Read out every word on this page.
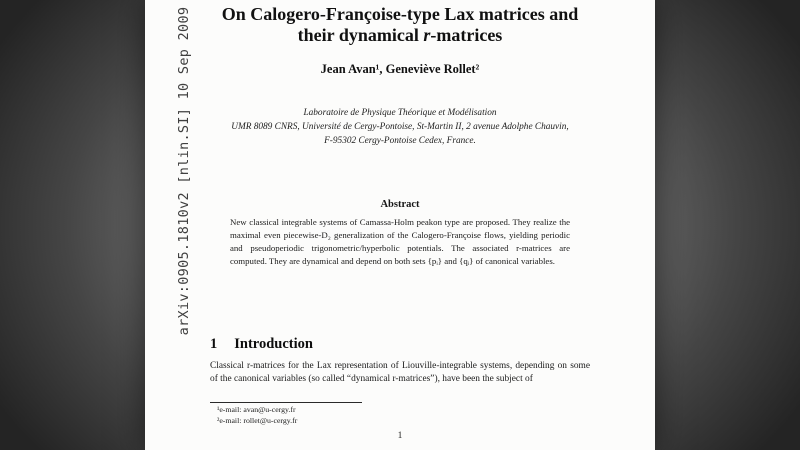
arXiv:0905.1810v2 [nlin.SI] 10 Sep 2009	On Calogero-Françoise-type Lax matrices and
their dynamical r-matrices
Jean Avan¹, Geneviève Rollet²
Laboratoire de Physique Théorique et Modélisation
UMR 8089 CNRS, Université de Cergy-Pontoise, St-Martin II, 2 avenue Adolphe Chauvin,
F-95302 Cergy-Pontoise Cedex, France.
Abstract
New classical integrable systems of Camassa-Holm peakon type are proposed. They realize the maximal even piecewise-D₂ generalization of the Calogero-Françoise flows, yielding periodic and pseudoperiodic trigonometric/hyperbolic potentials. The associated r-matrices are computed. They are dynamical and depend on both sets {pᵢ} and {qᵢ} of canonical variables.
1 Introduction
Classical r-matrices for the Lax representation of Liouville-integrable systems, depending on some of the canonical variables (so called “dynamical r-matrices”), have been the subject of
¹e-mail: avan@u-cergy.fr
²e-mail: rollet@u-cergy.fr
1
